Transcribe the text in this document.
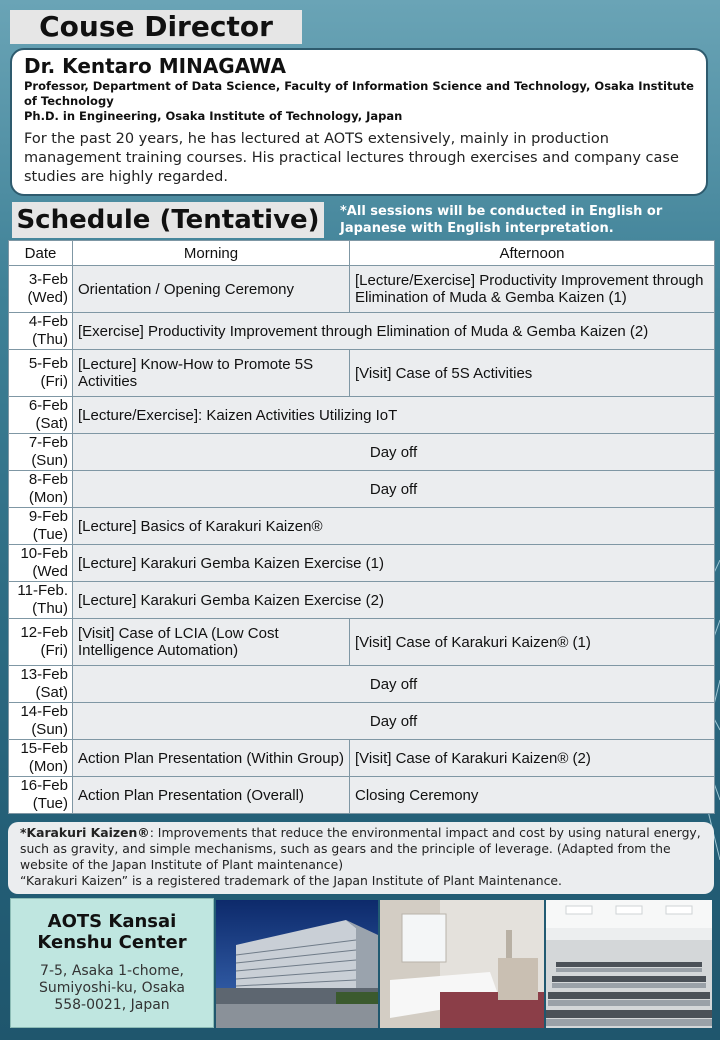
Couse Director
Dr. Kentaro MINAGAWA
Professor, Department of Data Science, Faculty of Information Science and Technology, Osaka Institute of Technology
Ph.D. in Engineering, Osaka Institute of Technology, Japan
For the past 20 years, he has lectured at AOTS extensively, mainly in production management training courses. His practical lectures through exercises and company case studies are highly regarded.
Schedule (Tentative)	*All sessions will be conducted in English or Japanese with English interpretation.
Date	Morning	Afternoon

3-Feb
(Wed)	Orientation / Opening Ceremony	[Lecture/Exercise] Productivity Improvement through Elimination of Muda & Gemba Kaizen (1)

4-Feb
(Thu)	[Exercise] Productivity Improvement through Elimination of Muda & Gemba Kaizen (2)	

5-Feb
(Fri)	[Lecture] Know-How to Promote 5S Activities	[Visit] Case of 5S Activities

6-Feb
(Sat)	[Lecture/Exercise]: Kaizen Activities Utilizing IoT	

7-Feb
(Sun)	Day off	

8-Feb
(Mon)	Day off	

9-Feb
(Tue)	[Lecture] Basics of Karakuri Kaizen®	

10-Feb
(Wed	[Lecture] Karakuri Gemba Kaizen Exercise (1)	

11-Feb.
(Thu)	[Lecture] Karakuri Gemba Kaizen Exercise (2)	

12-Feb
(Fri)	[Visit] Case of LCIA (Low Cost Intelligence Automation)	[Visit] Case of Karakuri Kaizen® (1)

13-Feb
(Sat)	Day off	

14-Feb
(Sun)	Day off	

15-Feb
(Mon)	Action Plan Presentation (Within Group)	[Visit] Case of Karakuri Kaizen® (2)

16-Feb
(Tue)	Action Plan Presentation (Overall)	Closing Ceremony
*Karakuri Kaizen®: Improvements that reduce the environmental impact and cost by using natural energy, such as gravity, and simple mechanisms, such as gears and the principle of leverage. (Adapted from the website of the Japan Institute of Plant maintenance)
“Karakuri Kaizen” is a registered trademark of the Japan Institute of Plant Maintenance.
AOTS Kansai
Kenshu Center
7-5, Asaka 1-chome,
Sumiyoshi-ku, Osaka
558-0021, Japan
